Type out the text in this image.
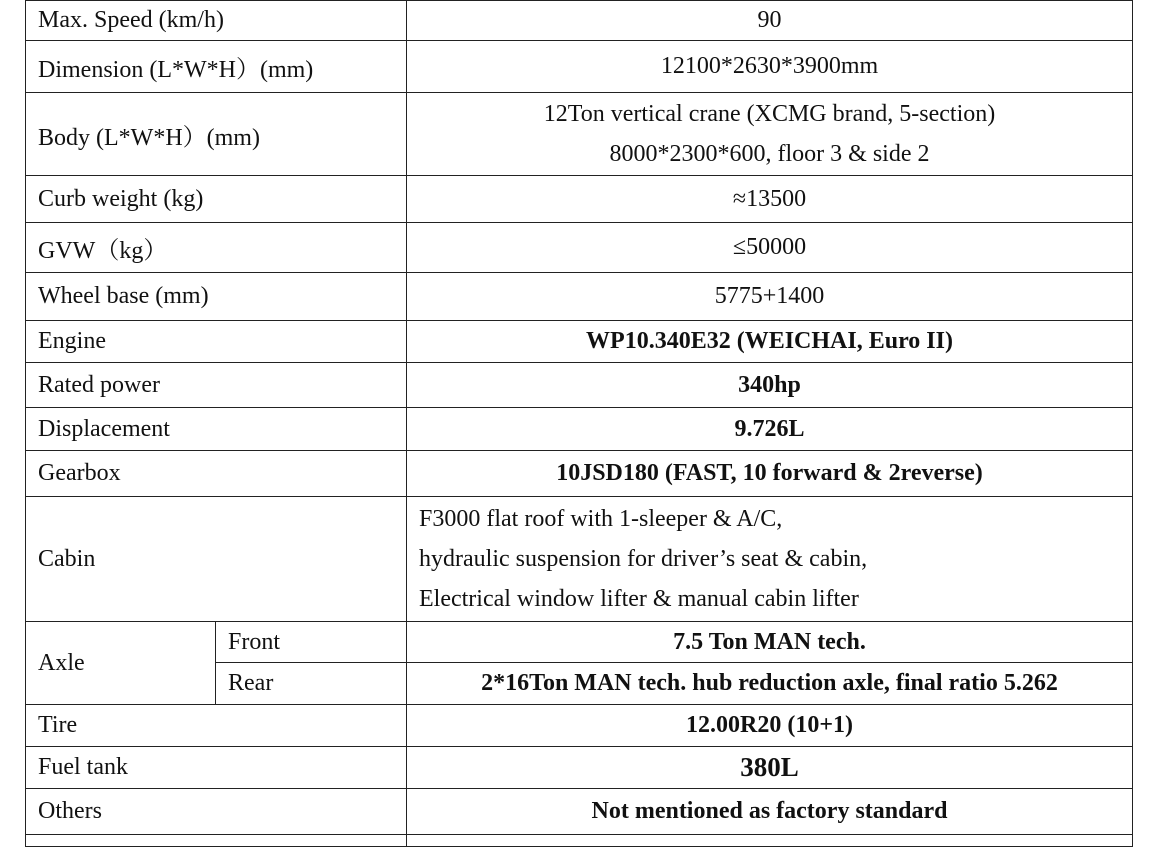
Max. Speed (km/h)		90
Dimension (L*W*H）(mm)		12100*2630*3900mm
Body (L*W*H）(mm)		12Ton vertical crane (XCMG brand, 5-section)
8000*2300*600, floor 3 & side 2

Curb weight (kg)		≈13500
GVW（kg）		≤50000
Wheel base (mm)		5775+1400
Engine		WP10.340E32 (WEICHAI, Euro II)
Rated power		340hp
Displacement		9.726L
Gearbox		10JSD180 (FAST, 10 forward & 2reverse)
Cabin		F3000 flat roof with 1-sleeper & A/C,
hydraulic suspension for driver’s seat & cabin,
Electrical window lifter & manual cabin lifter

Axle	Front	7.5 Ton MAN tech.
	Rear	2*16Ton MAN tech. hub reduction axle, final ratio 5.262
Tire		12.00R20 (10+1)
Fuel tank		380L
Others		Not mentioned as factory standard
